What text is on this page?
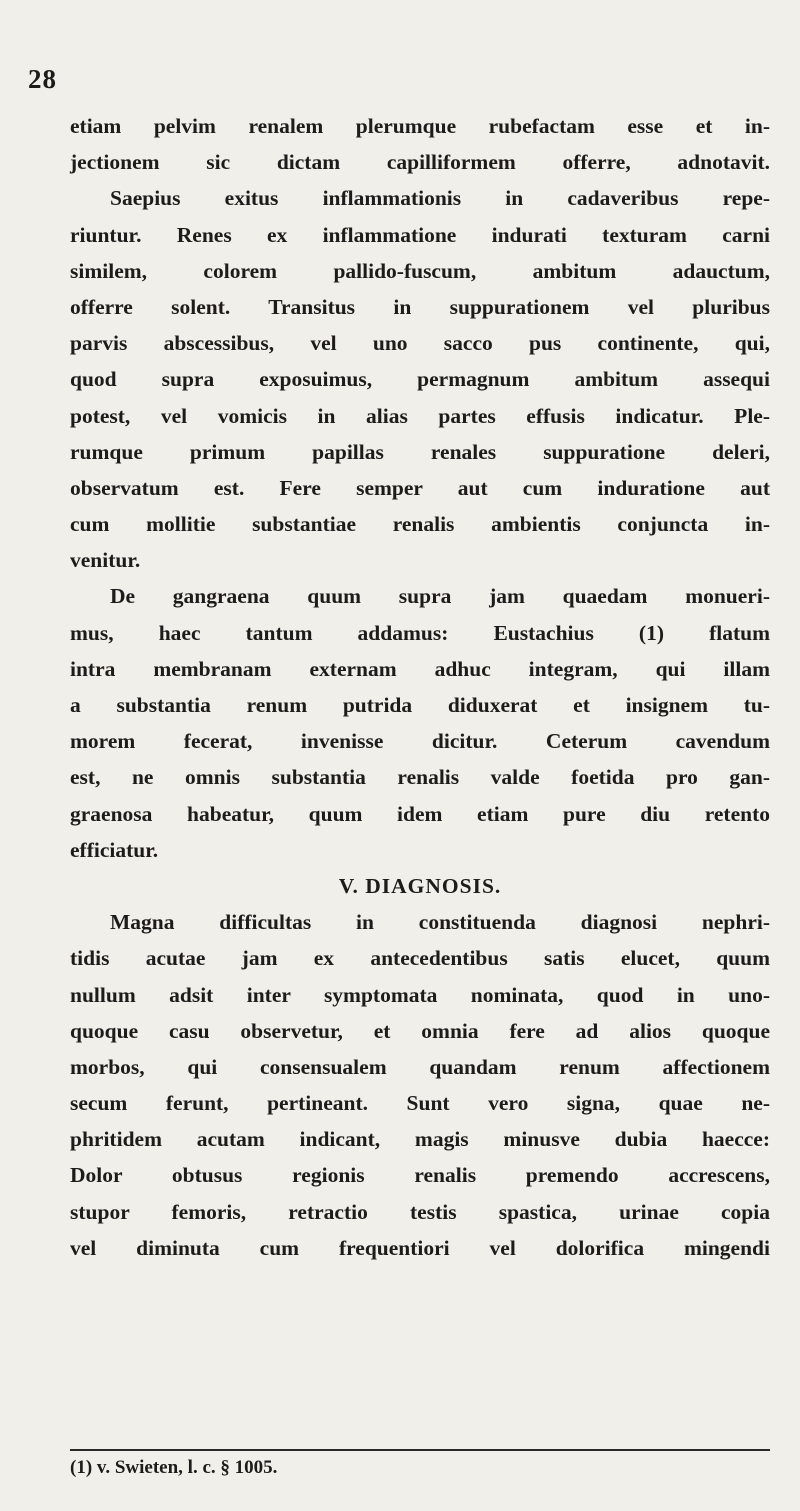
28
etiam pelvim renalem plerumque rubefactam esse et in-
jectionem sic dictam capilliformem offerre, adnotavit.
Saepius exitus inflammationis in cadaveribus repe-
riuntur. Renes ex inflammatione indurati texturam carni
similem, colorem pallido-fuscum, ambitum adauctum,
offerre solent. Transitus in suppurationem vel pluribus
parvis abscessibus, vel uno sacco pus continente, qui,
quod supra exposuimus, permagnum ambitum assequi
potest, vel vomicis in alias partes effusis indicatur. Ple-
rumque primum papillas renales suppuratione deleri,
observatum est. Fere semper aut cum induratione aut
cum mollitie substantiae renalis ambientis conjuncta in-
venitur.
De gangraena quum supra jam quaedam monueri-
mus, haec tantum addamus: Eustachius (1) flatum
intra membranam externam adhuc integram, qui illam
a substantia renum putrida diduxerat et insignem tu-
morem fecerat, invenisse dicitur. Ceterum cavendum
est, ne omnis substantia renalis valde foetida pro gan-
graenosa habeatur, quum idem etiam pure diu retento
efficiatur.
V. DIAGNOSIS.
Magna difficultas in constituenda diagnosi nephri-
tidis acutae jam ex antecedentibus satis elucet, quum
nullum adsit inter symptomata nominata, quod in uno-
quoque casu observetur, et omnia fere ad alios quoque
morbos, qui consensualem quandam renum affectionem
secum ferunt, pertineant. Sunt vero signa, quae ne-
phritidem acutam indicant, magis minusve dubia haecce:
Dolor obtusus regionis renalis premendo accrescens,
stupor femoris, retractio testis spastica, urinae copia
vel diminuta cum frequentiori vel dolorifica mingendi
(1) v. Swieten, l. c. § 1005.
